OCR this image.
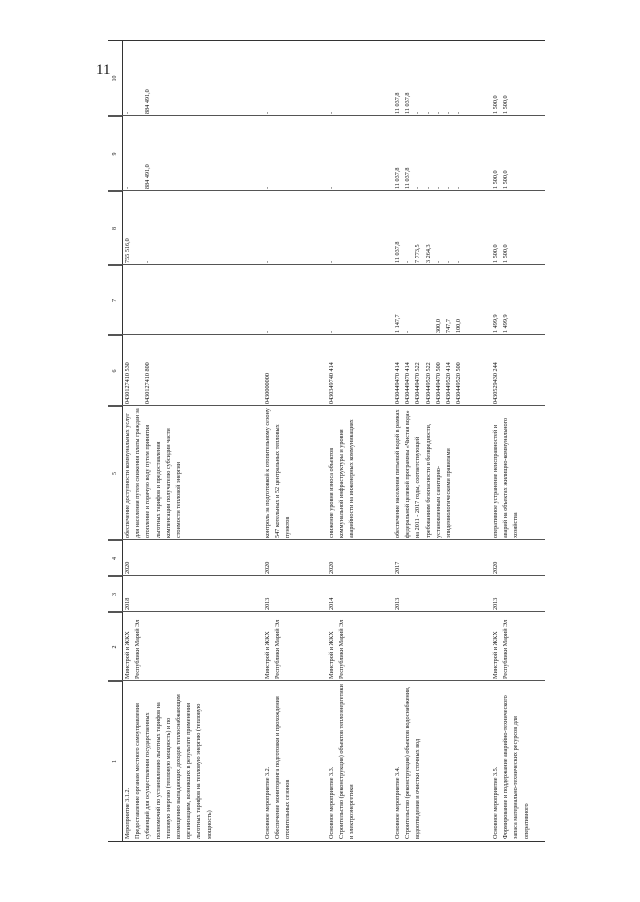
11
1
2
3
4
5
6
7
8
9
10
Мероприятие 3.1.2.
Предоставление органам местного самоуправления субвенций для осуществления государственных полномочий по установлению льготных тарифов на тепловую энергию (тепловую мощность) и по возмещению выпадающих доходов теплоснабжающим организациям, возникших в результате применения льготных тарифов на тепловую энергию (тепловую мощность)
Минстрой и ЖКХ Республики Марий Эл
2018
2020
обеспечение доступности коммунальных услуг для населения путем снижения платы граждан за отопление и горячую воду путем принятия льготных тарифов и предоставления компенсации получателю субсидии части стоимости тепловой энергии
0430127410 530

0430127410 800
755 516,0

-
-

884 491,0
-

884 491,0
Основное мероприятие 3.2.
Обеспечение мониторинга подготовки и прохождения отопительных сезонов
Минстрой и ЖКХ Республики Марий Эл
2013
2020
контроль за подготовкой к отопительному сезону 547 котельных и 52 центральных тепловых пунктов
0430000000
-
-
-
-
Основное мероприятие 3.3.
Строительство (реконструкция) объектов теплоэнергетики и электроэнергетики
Минстрой и ЖКХ Республики Марий Эл
2014
2020
снижение уровня износа объектов коммунальной инфраструктуры и уровня аварийности на инженерных коммуникациях
0430349740 414
-
-
-
-
Основное мероприятие 3.4.
Строительство (реконструкция) объектов водоснабжения, водоотведения и очистки сточных вод
2013
2017
обеспечение населения питьевой водой в рамках федеральной целевой программы «Чистая вода» на 2011 - 2017 годы, соответствующей требованиям безопасности и безвредности, установленным санитарно-эпидемиологическими правилами
0430449470 414
0430449470 414
0430449470 522
0430449520 522
0430449470 500
0430449520 414
0430449520 500
1 147,7
-

300,0
747,7
100,0
11 037,8
-
7 773,5
3 264,3
-
-
-
11 037,8
11 037,8
-
-
-
-
-
11 037,8
11 037,8
-
-
-
-
-
Основное мероприятие 3.5.
Формирование и поддержание аварийно-технического запаса материально-технических ресурсов для оперативного
Минстрой и ЖКХ Республики Марий Эл
2013
2020
оперативное устранение неисправностей и аварий на объектах жилищно-коммунального хозяйства
0430529430 244
1 499,9
1 499,9
1 500,0
1 500,0
1 500,0
1 500,0
1 500,0
1 500,0
